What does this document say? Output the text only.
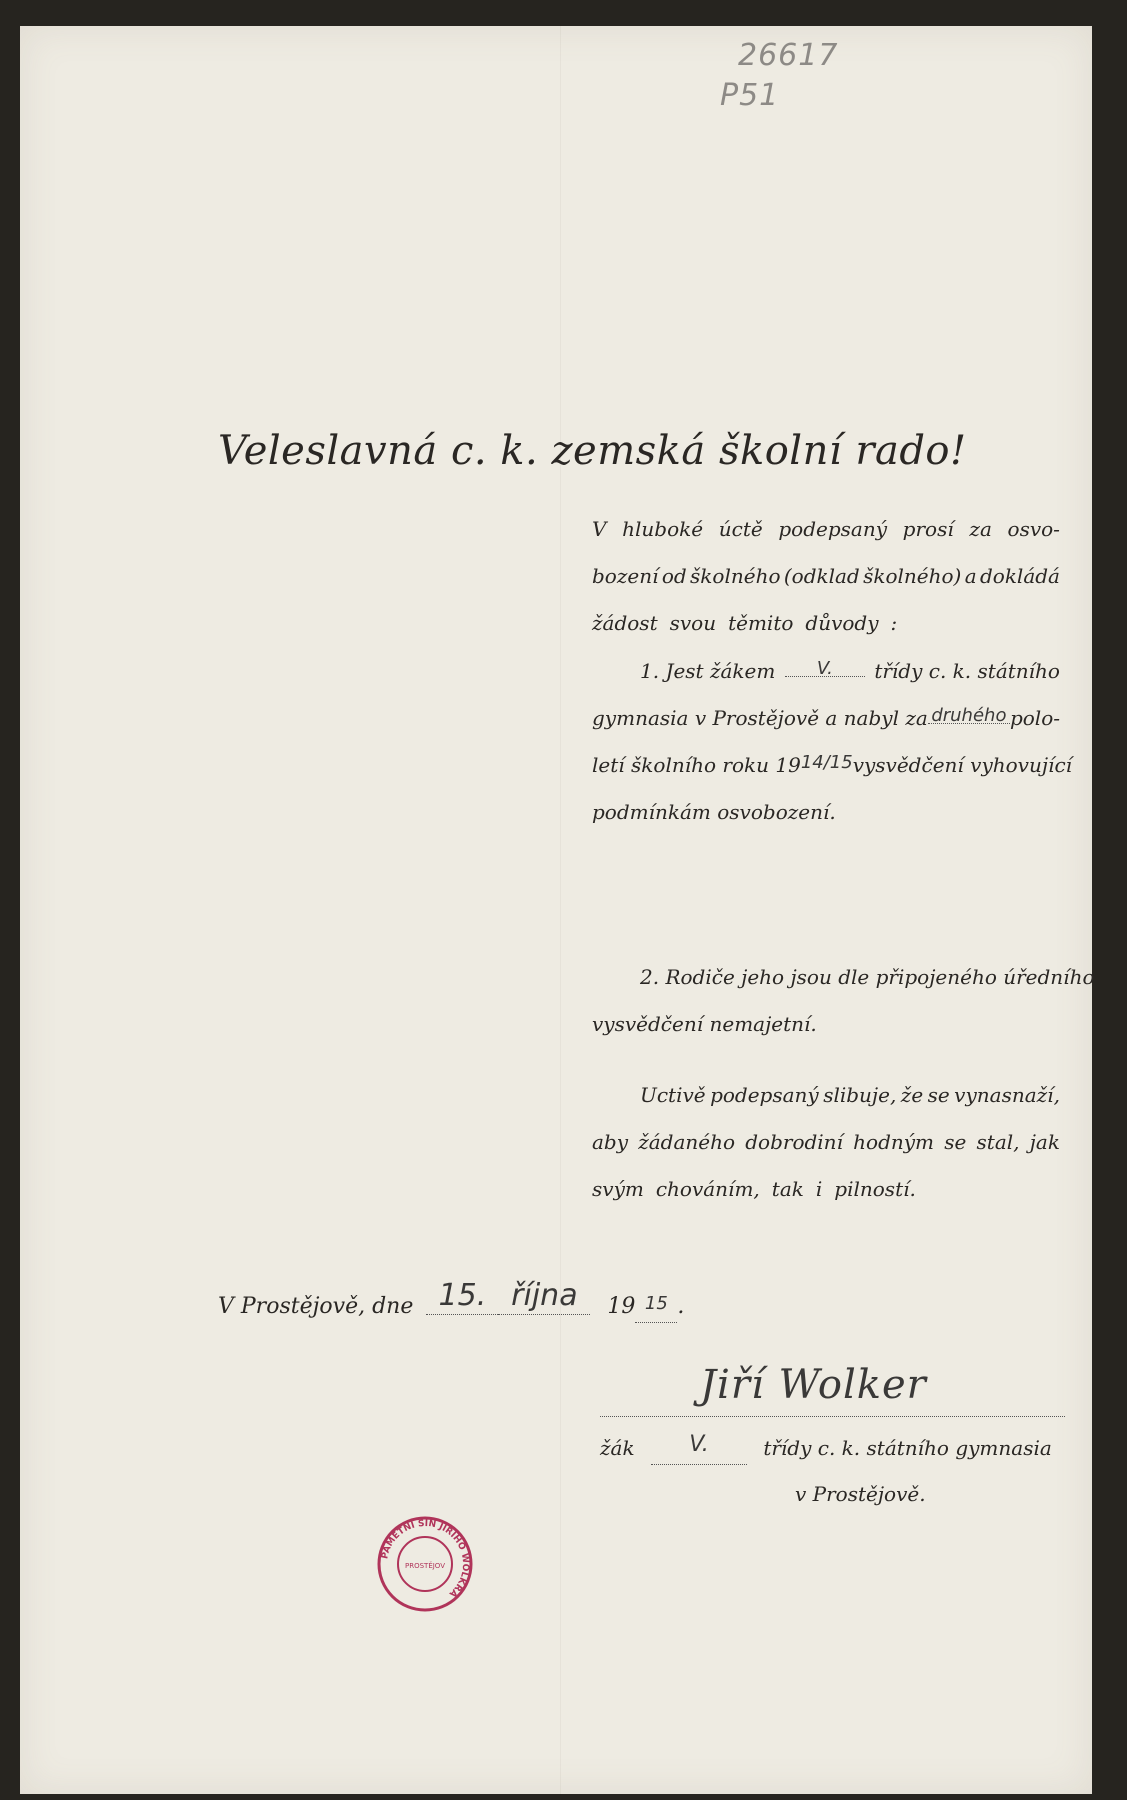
26617
P51
Veleslavná c. k. zemská školní rado!
V hluboké úctě podepsaný prosí za osvo-
bození od školného (odklad školného) a dokládá
žádost svou těmito důvody :
1. Jest žákem	V.	třídy c. k. státního
gymnasia v Prostějově a nabyl za druhého polo-
letí školního roku 1914/15 vysvědčení vyhovující
podmínkám osvobození.
2. Rodiče jeho jsou dle připojeného úředního
vysvědčení nemajetní.
Uctivě podepsaný slibuje, že se vynasnaží,
aby žádaného dobrodiní hodným se stal, jak
svým chováním, tak i pilností.
V Prostějově, dne 15. října 19 15 .
Jiří Wolker
žák V.	třídy c. k. státního gymnasia
v Prostějově.
PAMĚTNÍ SÍŇ JIŘÍHO WOLKRA
PROSTĚJOV
